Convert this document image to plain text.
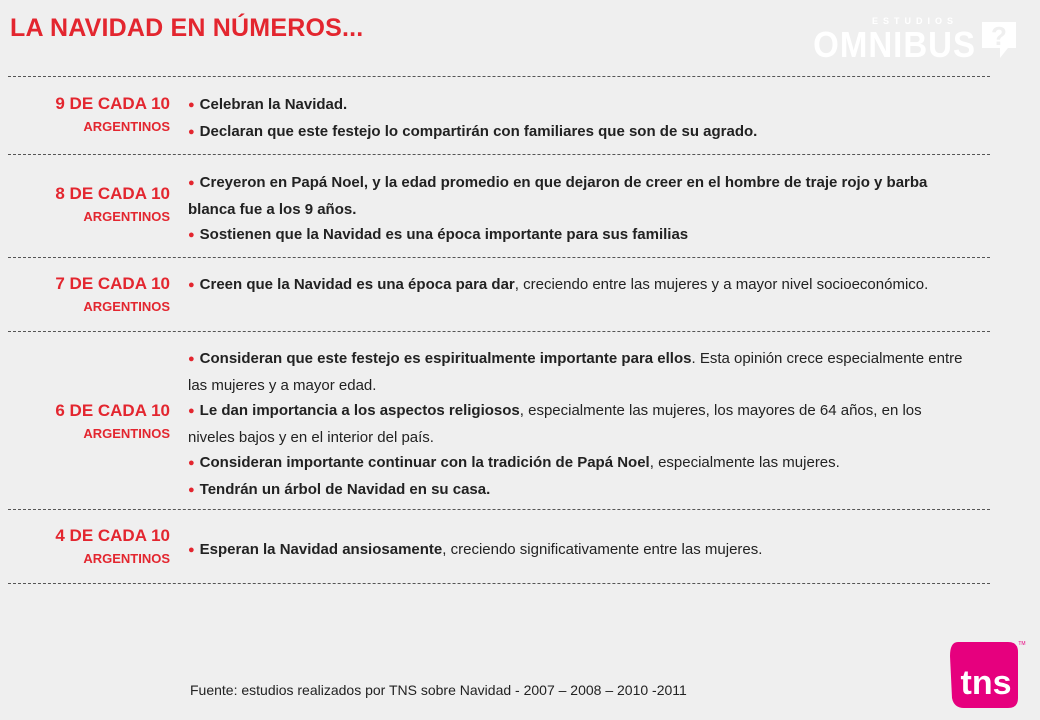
LA NAVIDAD EN NÚMEROS...	ESTUDIOS
OMNIBUS ?
9 DE CADA 10
ARGENTINOS

● Celebran la Navidad.

● Declaran que este festejo lo compartirán con familiares que son de su agrado.

8 DE CADA 10
ARGENTINOS

● Creyeron en Papá Noel, y la edad promedio en que dejaron de creer en el hombre de traje rojo y barba blanca fue a los 9 años.

● Sostienen que la Navidad es una época importante para sus familias

7 DE CADA 10
ARGENTINOS

● Creen que la Navidad es una época para dar, creciendo entre las mujeres y a mayor nivel socioeconómico.

6 DE CADA 10
ARGENTINOS

● Consideran que este festejo es espiritualmente importante para ellos. Esta opinión crece especialmente entre las mujeres y a mayor edad.

● Le dan importancia a los aspectos religiosos, especialmente las mujeres, los mayores de 64 años, en los niveles bajos y en el interior del país.

● Consideran importante continuar con la tradición de Papá Noel, especialmente las mujeres.

● Tendrán un árbol de Navidad en su casa.

4 DE CADA 10
ARGENTINOS

● Esperan la Navidad ansiosamente, creciendo significativamente entre las mujeres.

Fuente: estudios realizados por TNS sobre Navidad - 2007 – 2008 – 2010 -2011	tns
TM
